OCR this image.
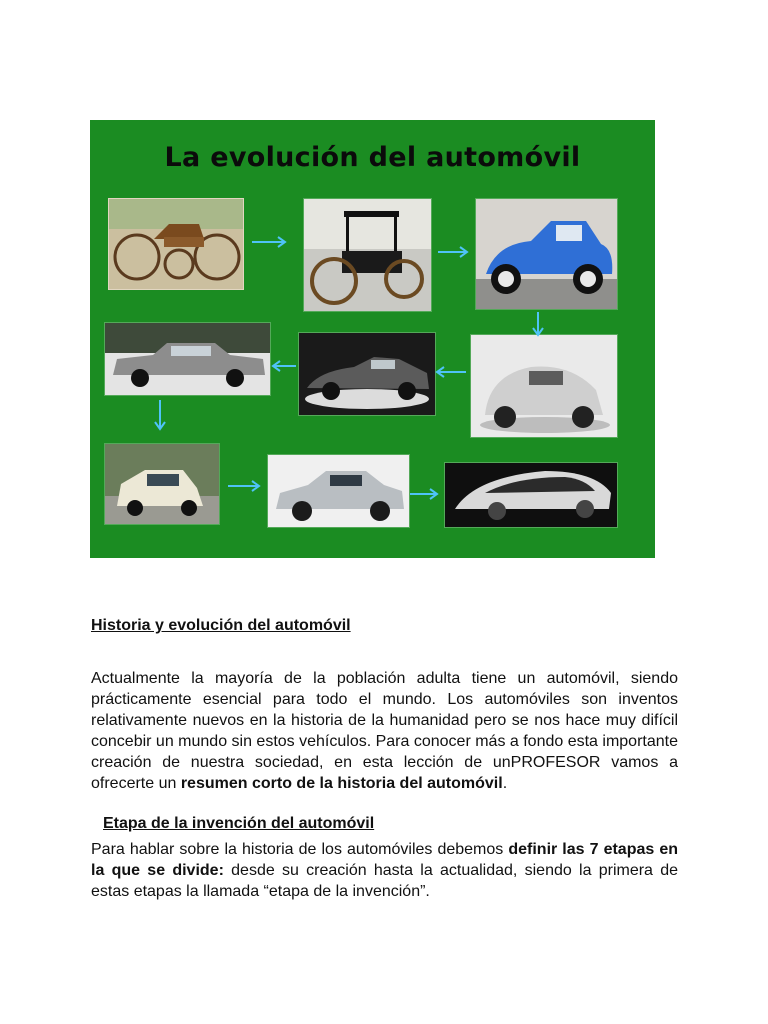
La evolución del automóvil
Historia y evolución del automóvil

Actualmente la mayoría de la población adulta tiene un automóvil, siendo prácticamente esencial para todo el mundo. Los automóviles son inventos relativamente nuevos en la historia de la humanidad pero se nos hace muy difícil concebir un mundo sin estos vehículos. Para conocer más a fondo esta importante creación de nuestra sociedad, en esta lección de unPROFESOR vamos a ofrecerte un resumen corto de la historia del automóvil.

Etapa de la invención del automóvil

Para hablar sobre la historia de los automóviles debemos definir las 7 etapas en la que se divide: desde su creación hasta la actualidad, siendo la primera de estas etapas la llamada “etapa de la invención”.
